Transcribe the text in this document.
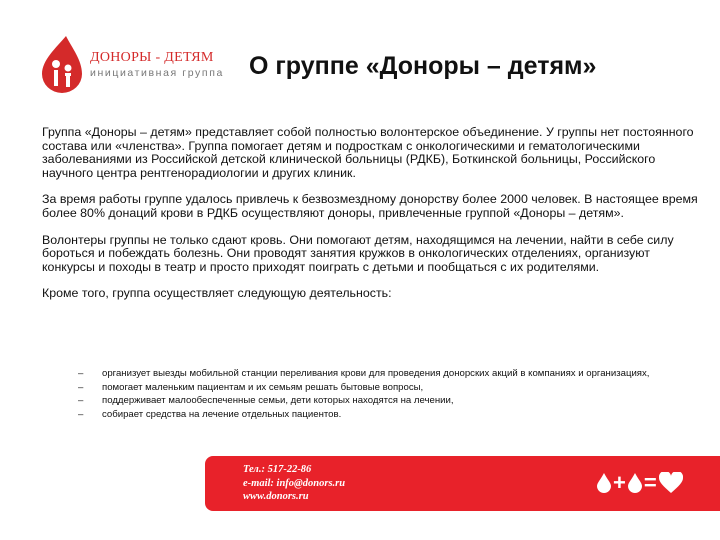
ДОНОРЫ - ДЕТЯМ
инициативная группа О группе «Доноры – детям»

Группа «Доноры – детям» представляет собой полностью волонтерское объединение. У группы нет постоянного состава или «членства». Группа помогает детям и подросткам с онкологическими и гематологическими заболеваниями из Российской детской клинической больницы (РДКБ), Боткинской больницы, Российского научного центра рентгенорадиологии и других клиник.

За время работы группе удалось привлечь к безвозмездному донорству более 2000 человек. В настоящее время более 80% донаций крови в РДКБ осуществляют доноры, привлеченные группой «Доноры – детям».

Волонтеры группы не только сдают кровь. Они помогают детям, находящимся на лечении, найти в себе силу бороться и побеждать болезнь. Они проводят занятия кружков в онкологических отделениях, организуют конкурсы и походы в театр и просто приходят поиграть с детьми и пообщаться с их родителями.

Кроме того, группа осуществляет следующую деятельность:

– организует выезды мобильной станции переливания крови для проведения донорских акций в компаниях и организациях,
– помогает маленьким пациентам и их семьям решать бытовые вопросы,
– поддерживает малообеспеченные семьи, дети которых находятся на лечении,
– собирает средства на лечение отдельных пациентов.
Тел.: 517-22-86
e-mail: info@donors.ru
www.donors.ru
+ =
